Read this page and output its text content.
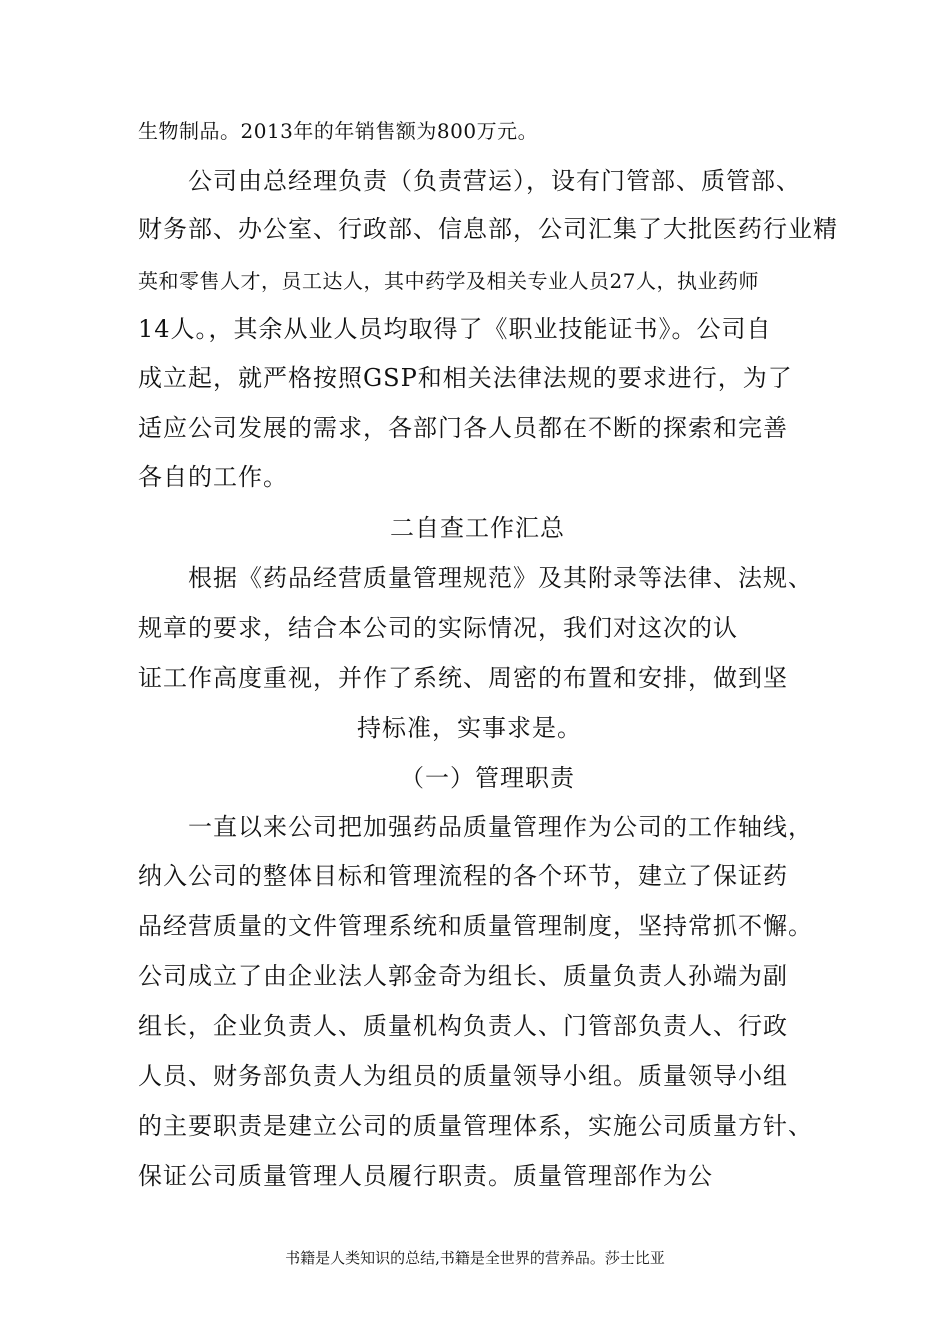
生物制品。2013年的年销售额为800万元。
　　公司由总经理负责（负责营运），设有门管部、质管部、
财务部、办公室、行政部、信息部，公司汇集了大批医药行业精
英和零售人才，员工达人，其中药学及相关专业人员27人，执业药师
14人。，其余从业人员均取得了《职业技能证书》。公司自
成立起，就严格按照GSP和相关法律法规的要求进行，为了
适应公司发展的需求，各部门各人员都在不断的探索和完善
各自的工作。
二自查工作汇总
　　根据《药品经营质量管理规范》及其附录等法律、法规、
规章的要求，结合本公司的实际情况，我们对这次的认
证工作高度重视，并作了系统、周密的布置和安排，做到坚
持标准，实事求是。
（一）管理职责
　　一直以来公司把加强药品质量管理作为公司的工作轴线，
纳入公司的整体目标和管理流程的各个环节，建立了保证药
品经营质量的文件管理系统和质量管理制度，坚持常抓不懈。
公司成立了由企业法人郭金奇为组长、质量负责人孙端为副
组长，企业负责人、质量机构负责人、门管部负责人、行政
人员、财务部负责人为组员的质量领导小组。质量领导小组
的主要职责是建立公司的质量管理体系，实施公司质量方针、
保证公司质量管理人员履行职责。质量管理部作为公
书籍是人类知识的总结,书籍是全世界的营养品。莎士比亚
